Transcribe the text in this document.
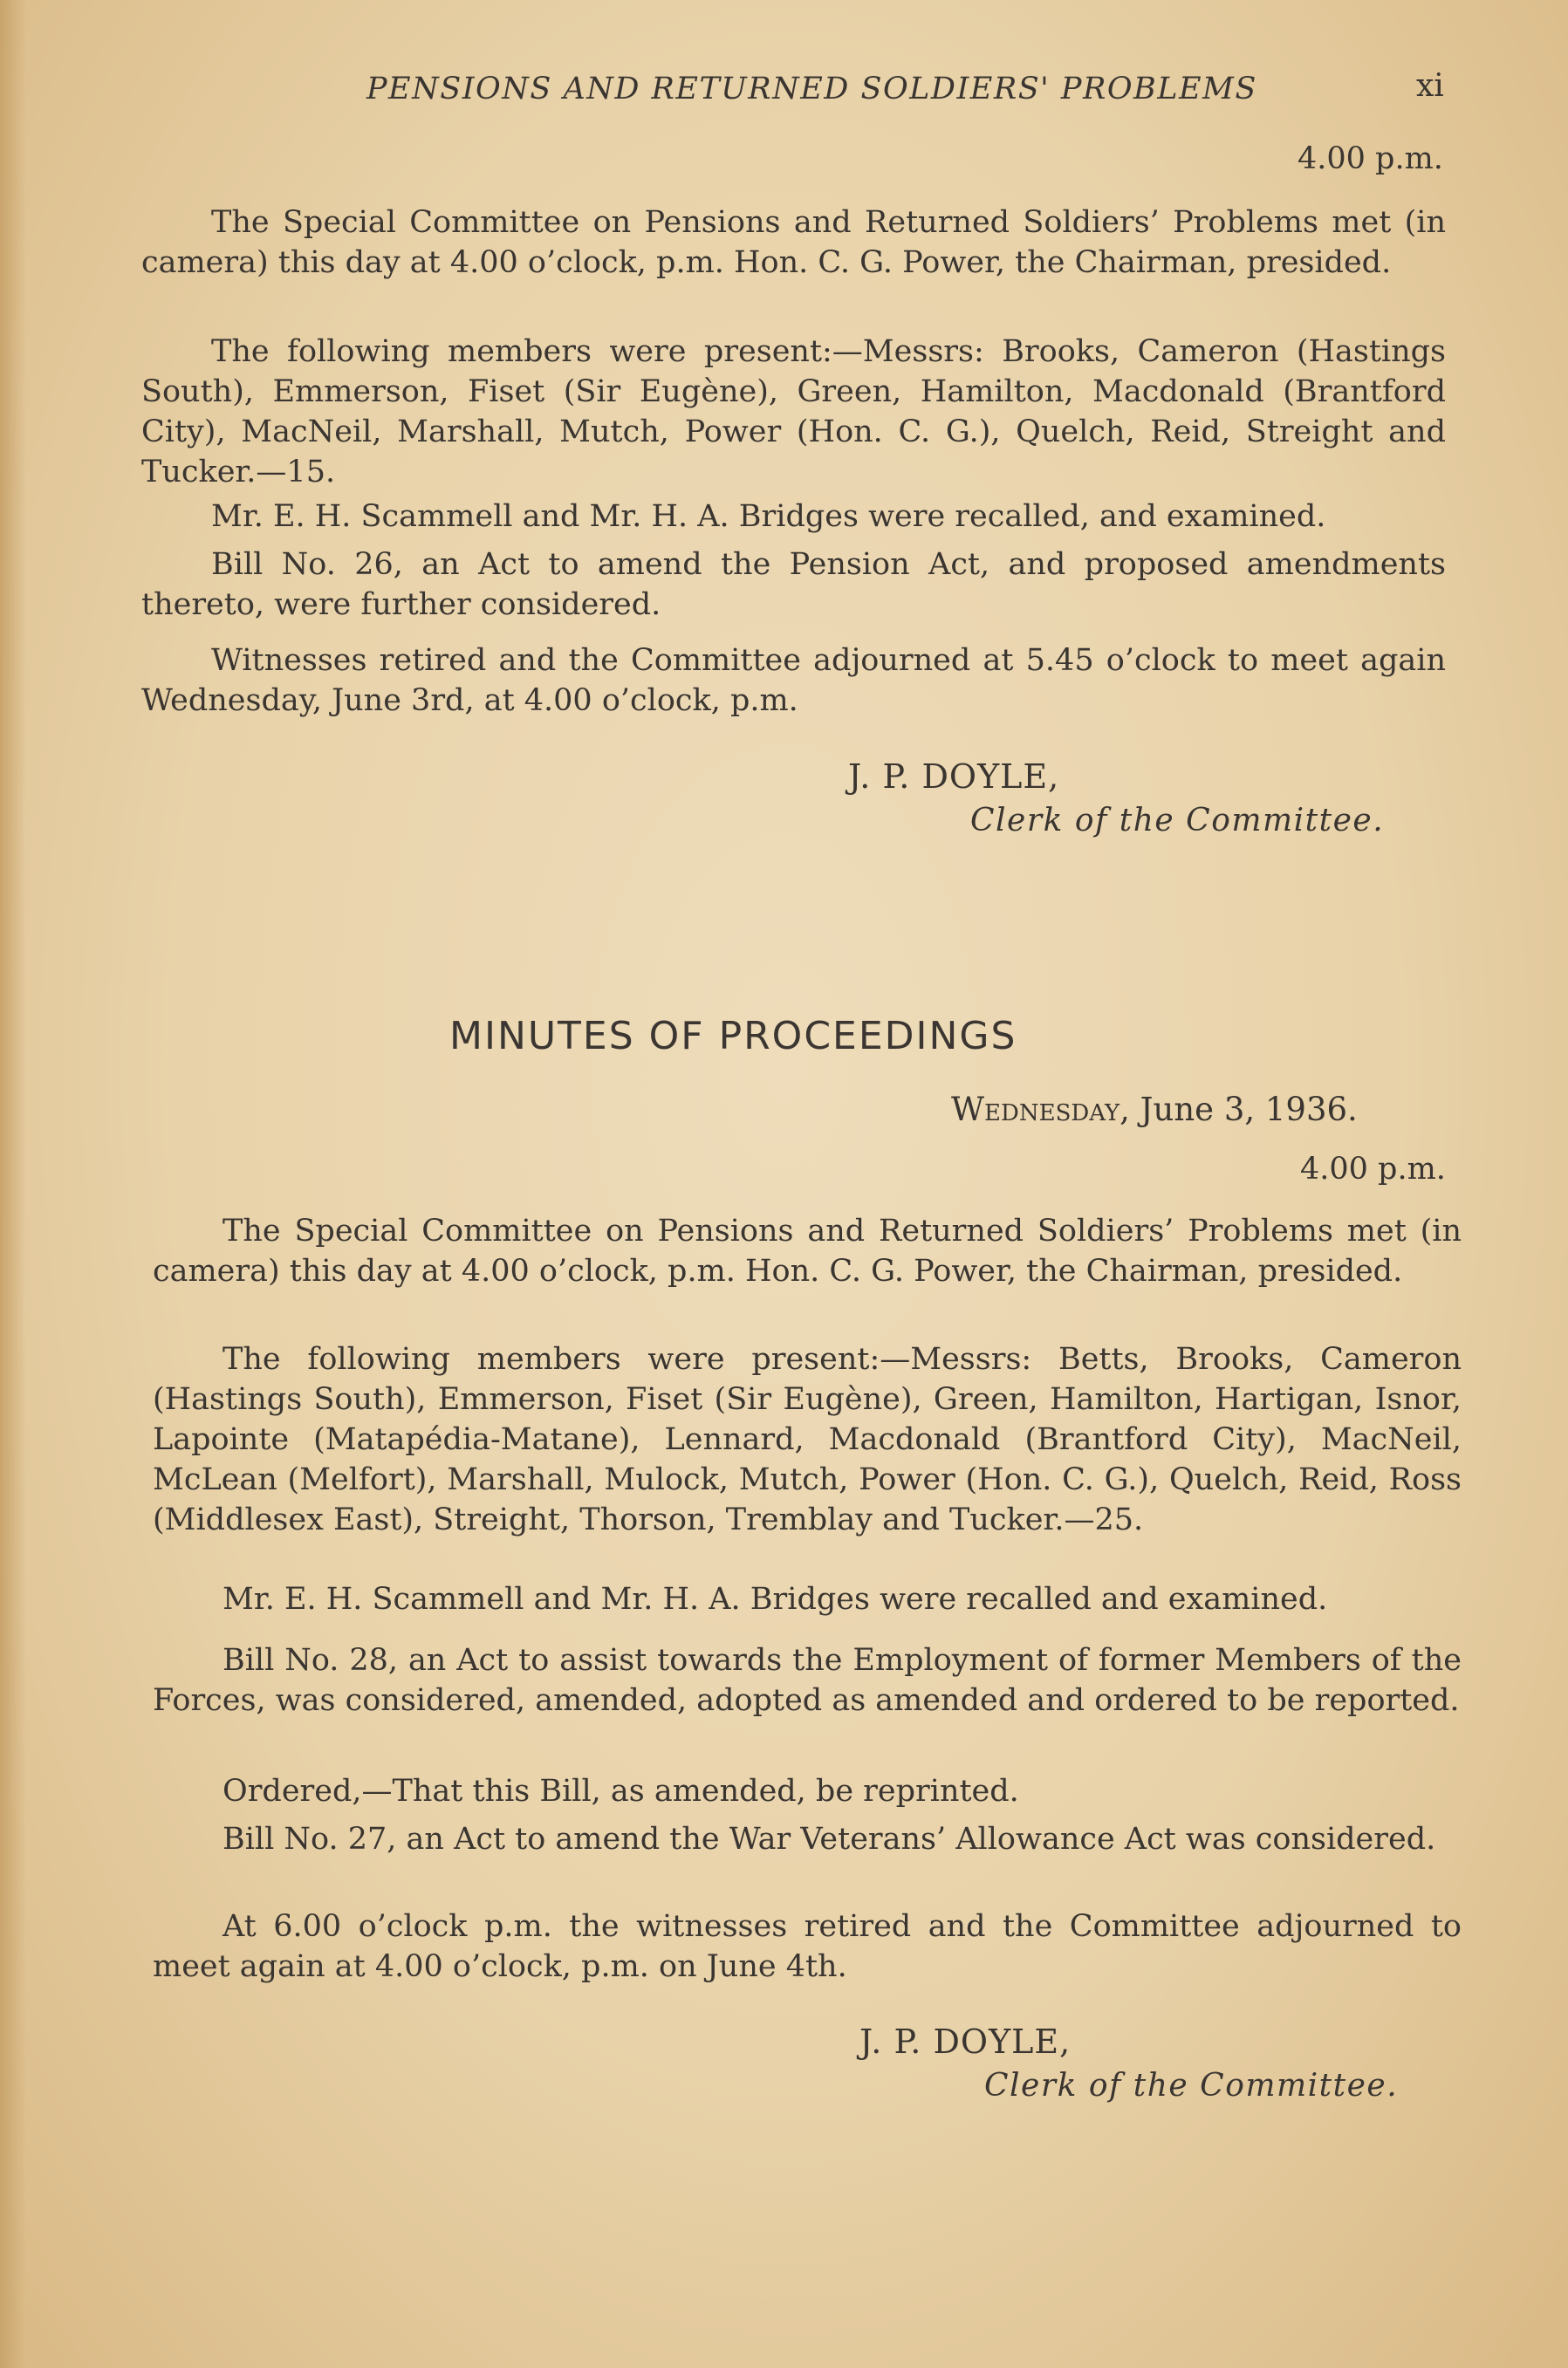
PENSIONS AND RETURNED SOLDIERS' PROBLEMS	xi
4.00 p.m.

The Special Committee on Pensions and Returned Soldiers’ Problems met (in camera) this day at 4.00 o’clock, p.m. Hon. C. G. Power, the Chairman, presided.

The following members were present:—Messrs: Brooks, Cameron (Hastings South), Emmerson, Fiset (Sir Eugène), Green, Hamilton, Macdonald (Brantford City), MacNeil, Marshall, Mutch, Power (Hon. C. G.), Quelch, Reid, Streight and Tucker.—15.

Mr. E. H. Scammell and Mr. H. A. Bridges were recalled, and examined.

Bill No. 26, an Act to amend the Pension Act, and proposed amendments thereto, were further considered.

Witnesses retired and the Committee adjourned at 5.45 o’clock to meet again Wednesday, June 3rd, at 4.00 o’clock, p.m.

J. P. DOYLE,
Clerk of the Committee.
MINUTES OF PROCEEDINGS
Wednesday, June 3, 1936.
4.00 p.m.

The Special Committee on Pensions and Returned Soldiers’ Problems met (in camera) this day at 4.00 o’clock, p.m. Hon. C. G. Power, the Chairman, presided.

The following members were present:—Messrs: Betts, Brooks, Cameron (Hastings South), Emmerson, Fiset (Sir Eugène), Green, Hamilton, Hartigan, Isnor, Lapointe (Matapédia-Matane), Lennard, Macdonald (Brantford City), MacNeil, McLean (Melfort), Marshall, Mulock, Mutch, Power (Hon. C. G.), Quelch, Reid, Ross (Middlesex East), Streight, Thorson, Tremblay and Tucker.—25.

Mr. E. H. Scammell and Mr. H. A. Bridges were recalled and examined.

Bill No. 28, an Act to assist towards the Employment of former Members of the Forces, was considered, amended, adopted as amended and ordered to be reported.

Ordered,—That this Bill, as amended, be reprinted.

Bill No. 27, an Act to amend the War Veterans’ Allowance Act was considered.

At 6.00 o’clock p.m. the witnesses retired and the Committee adjourned to meet again at 4.00 o’clock, p.m. on June 4th.

J. P. DOYLE,
Clerk of the Committee.
